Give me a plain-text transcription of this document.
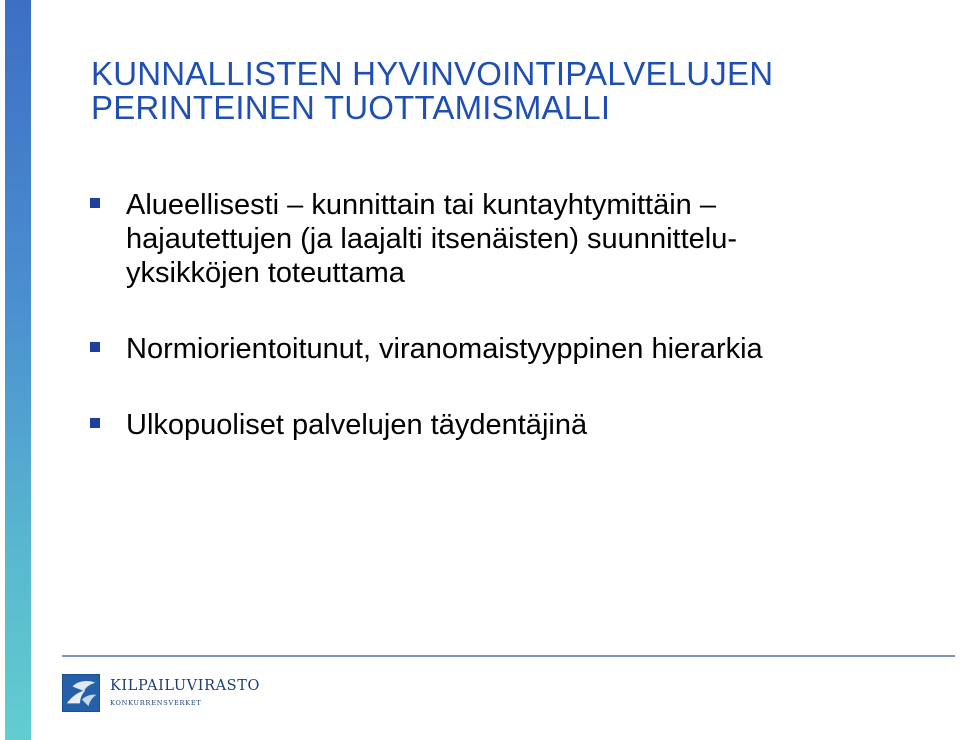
KUNNALLISTEN HYVINVOINTIPALVELUJEN
PERINTEINEN TUOTTAMISMALLI
Alueellisesti – kunnittain tai kuntayhtymittäin –
hajautettujen (ja laajalti itsenäisten) suunnittelu-
yksikköjen toteuttama
Normiorientoitunut, viranomaistyyppinen hierarkia
Ulkopuoliset palvelujen täydentäjinä
KILPAILUVIRASTO
KONKURRENSVERKET
